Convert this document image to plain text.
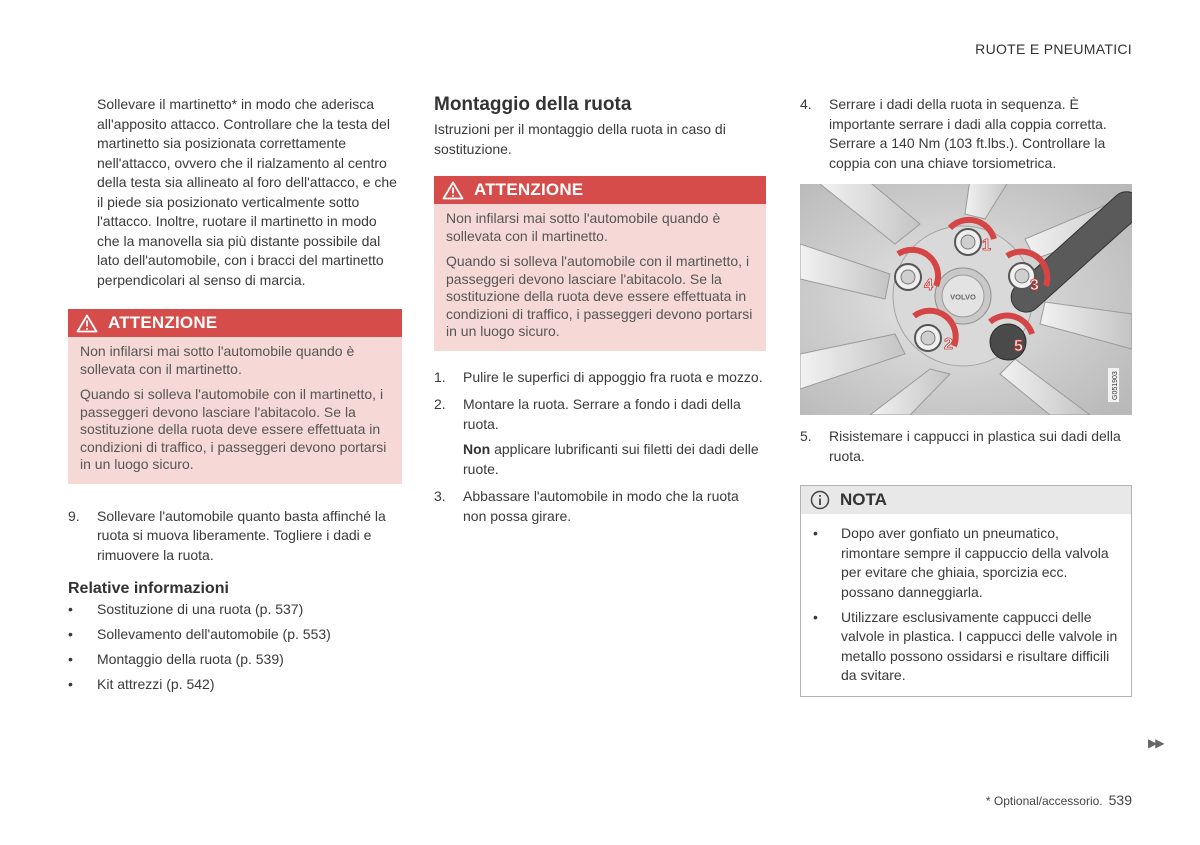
RUOTE E PNEUMATICI
Sollevare il martinetto* in modo che aderisca all'apposito attacco. Controllare che la testa del martinetto sia posizionata correttamente nell'attacco, ovvero che il rialzamento al centro della testa sia allineato al foro dell'attacco, e che il piede sia posizionato verticalmente sotto l'attacco. Inoltre, ruotare il martinetto in modo che la manovella sia più distante possibile dal lato dell'automobile, con i bracci del martinetto perpendicolari al senso di marcia.
ATTENZIONE

Non infilarsi mai sotto l'automobile quando è sollevata con il martinetto.

Quando si solleva l'automobile con il martinetto, i passeggeri devono lasciare l'abitacolo. Se la sostituzione della ruota deve essere effettuata in condizioni di traffico, i passeggeri devono portarsi in un luogo sicuro.

9.	Sollevare l'automobile quanto basta affinché la ruota si muova liberamente. Togliere i dadi e rimuovere la ruota.
Relative informazioni
•
Sostituzione di una ruota (p. 537)
•
Sollevamento dell'automobile (p. 553)
•
Montaggio della ruota (p. 539)
•
Kit attrezzi (p. 542)
Montaggio della ruota
Istruzioni per il montaggio della ruota in caso di sostituzione.
ATTENZIONE

Non infilarsi mai sotto l'automobile quando è sollevata con il martinetto.

Quando si solleva l'automobile con il martinetto, i passeggeri devono lasciare l'abitacolo. Se la sostituzione della ruota deve essere effettuata in condizioni di traffico, i passeggeri devono portarsi in un luogo sicuro.

1.	Pulire le superfici di appoggio fra ruota e mozzo.
2.	Montare la ruota. Serrare a fondo i dadi della ruota.
Non applicare lubrificanti sui filetti dei dadi delle ruote.
3.	Abbassare l'automobile in modo che la ruota non possa girare.
4.	Serrare i dadi della ruota in sequenza. È importante serrare i dadi alla coppia corretta. Serrare a 140 Nm (103 ft.lbs.). Controllare la coppia con una chiave torsiometrica.
VOLVO
1
4	3
2	5
G051903
5.	Risistemare i cappucci in plastica sui dadi della ruota.
NOTA
•
Dopo aver gonfiato un pneumatico, rimontare sempre il cappuccio della valvola per evitare che ghiaia, sporcizia ecc. possano danneggiarla.
•
Utilizzare esclusivamente cappucci delle valvole in plastica. I cappucci delle valvole in metallo possono ossidarsi e risultare difficili da svitare.
▶▶
* Optional/accessorio. 539
